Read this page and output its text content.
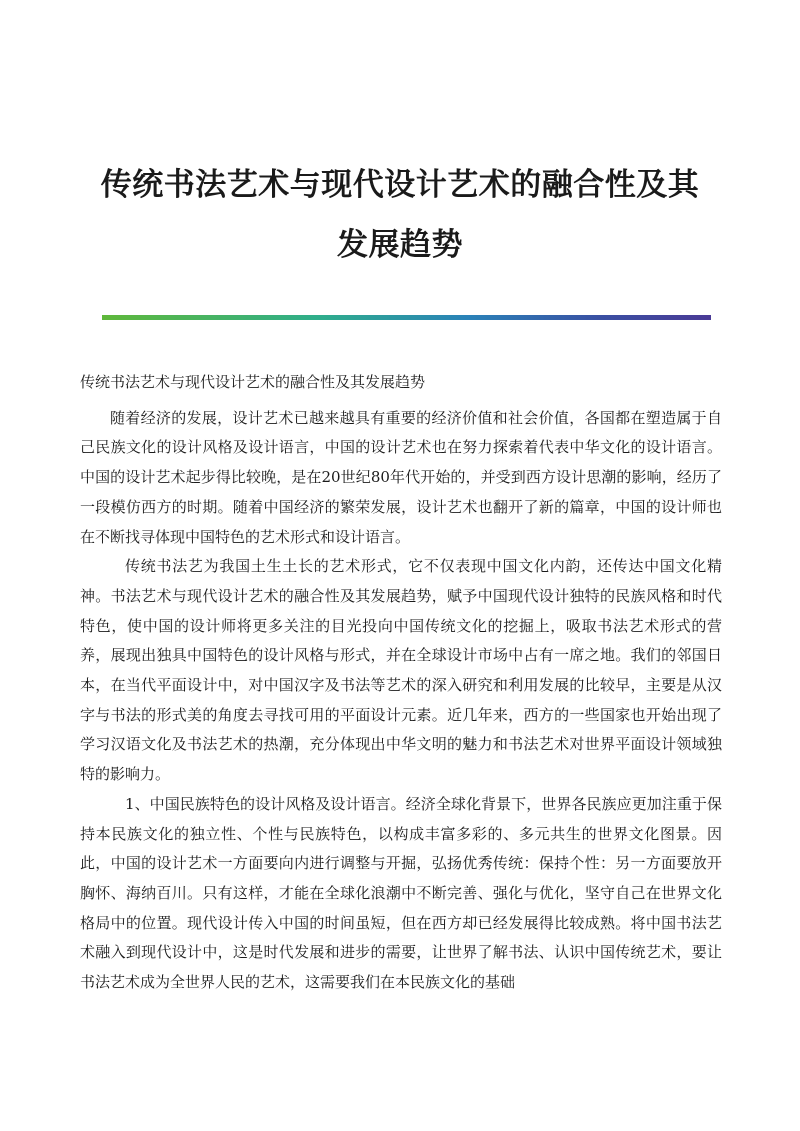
传统书法艺术与现代设计艺术的融合性及其
发展趋势

传统书法艺术与现代设计艺术的融合性及其发展趋势

随着经济的发展，设计艺术已越来越具有重要的经济价值和社会价值，各国都在塑造属于自己民族文化的设计风格及设计语言，中国的设计艺术也在努力探索着代表中华文化的设计语言。中国的设计艺术起步得比较晚，是在20世纪80年代开始的，并受到西方设计思潮的影响，经历了一段模仿西方的时期。随着中国经济的繁荣发展，设计艺术也翻开了新的篇章，中国的设计师也在不断找寻体现中国特色的艺术形式和设计语言。

传统书法艺为我国土生土长的艺术形式，它不仅表现中国文化内韵，还传达中国文化精神。书法艺术与现代设计艺术的融合性及其发展趋势，赋予中国现代设计独特的民族风格和时代特色，使中国的设计师将更多关注的目光投向中国传统文化的挖掘上，吸取书法艺术形式的营养，展现出独具中国特色的设计风格与形式，并在全球设计市场中占有一席之地。我们的邻国日本，在当代平面设计中，对中国汉字及书法等艺术的深入研究和利用发展的比较早，主要是从汉字与书法的形式美的角度去寻找可用的平面设计元素。近几年来，西方的一些国家也开始出现了学习汉语文化及书法艺术的热潮，充分体现出中华文明的魅力和书法艺术对世界平面设计领域独特的影响力。

1、中国民族特色的设计风格及设计语言。经济全球化背景下，世界各民族应更加注重于保持本民族文化的独立性、个性与民族特色，以构成丰富多彩的、多元共生的世界文化图景。因此，中国的设计艺术一方面要向内进行调整与开掘，弘扬优秀传统：保持个性：另一方面要放开胸怀、海纳百川。只有这样，才能在全球化浪潮中不断完善、强化与优化，坚守自己在世界文化格局中的位置。现代设计传入中国的时间虽短，但在西方却已经发展得比较成熟。将中国书法艺术融入到现代设计中，这是时代发展和进步的需要，让世界了解书法、认识中国传统艺术，要让书法艺术成为全世界人民的艺术，这需要我们在本民族文化的基础
